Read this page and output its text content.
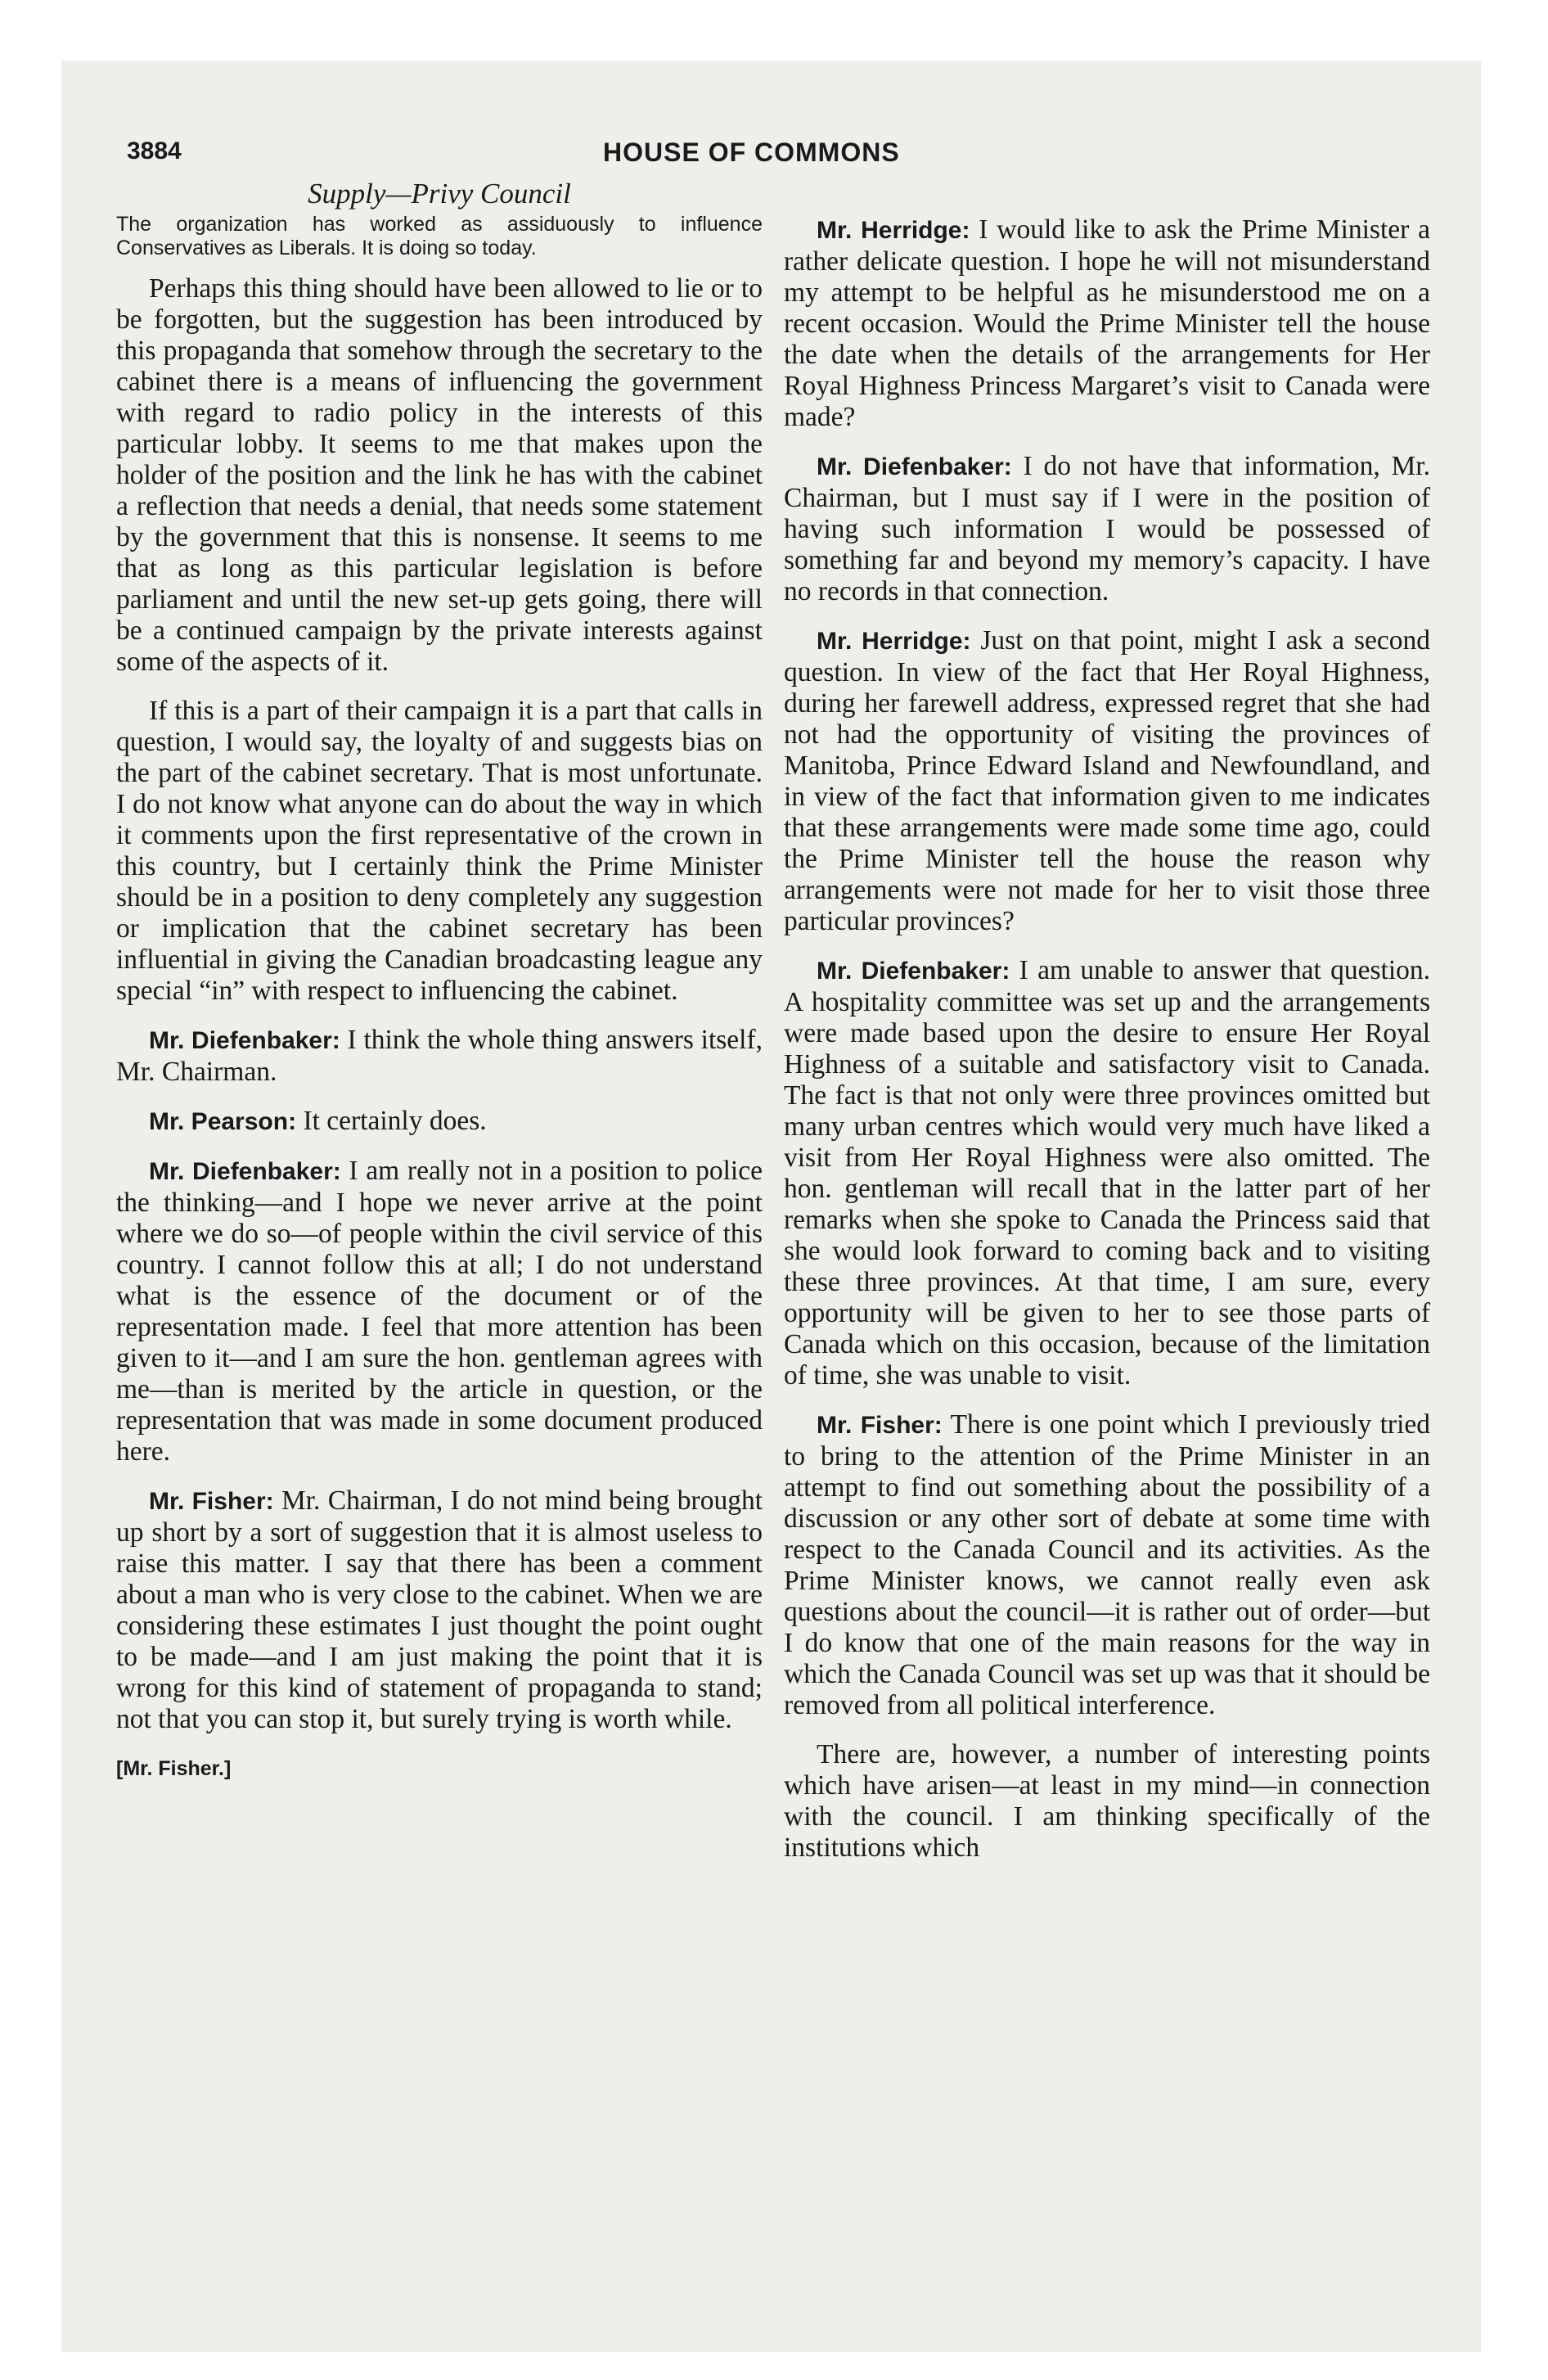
3884	HOUSE OF COMMONS
Supply—Privy Council
The organization has worked as assiduously to influence Conservatives as Liberals. It is doing so today.

Perhaps this thing should have been allowed to lie or to be forgotten, but the suggestion has been introduced by this propaganda that somehow through the secretary to the cabinet there is a means of influencing the government with regard to radio policy in the interests of this particular lobby. It seems to me that makes upon the holder of the position and the link he has with the cabinet a reflection that needs a denial, that needs some statement by the government that this is nonsense. It seems to me that as long as this particular legislation is before parliament and until the new set-up gets going, there will be a continued campaign by the private interests against some of the aspects of it.

If this is a part of their campaign it is a part that calls in question, I would say, the loyalty of and suggests bias on the part of the cabinet secretary. That is most unfortunate. I do not know what anyone can do about the way in which it comments upon the first representative of the crown in this country, but I certainly think the Prime Minister should be in a position to deny completely any suggestion or implication that the cabinet secretary has been influential in giving the Canadian broadcasting league any special “in” with respect to influencing the cabinet.

Mr. Diefenbaker: I think the whole thing answers itself, Mr. Chairman.

Mr. Pearson: It certainly does.

Mr. Diefenbaker: I am really not in a position to police the thinking—and I hope we never arrive at the point where we do so—of people within the civil service of this country. I cannot follow this at all; I do not understand what is the essence of the document or of the representation made. I feel that more attention has been given to it—and I am sure the hon. gentleman agrees with me—than is merited by the article in question, or the representation that was made in some document produced here.

Mr. Fisher: Mr. Chairman, I do not mind being brought up short by a sort of suggestion that it is almost useless to raise this matter. I say that there has been a comment about a man who is very close to the cabinet. When we are considering these estimates I just thought the point ought to be made—and I am just making the point that it is wrong for this kind of statement of propaganda to stand; not that you can stop it, but surely trying is worth while.

[Mr. Fisher.]

Mr. Herridge: I would like to ask the Prime Minister a rather delicate question. I hope he will not misunderstand my attempt to be helpful as he misunderstood me on a recent occasion. Would the Prime Minister tell the house the date when the details of the arrangements for Her Royal Highness Princess Margaret’s visit to Canada were made?

Mr. Diefenbaker: I do not have that information, Mr. Chairman, but I must say if I were in the position of having such information I would be possessed of something far and beyond my memory’s capacity. I have no records in that connection.

Mr. Herridge: Just on that point, might I ask a second question. In view of the fact that Her Royal Highness, during her farewell address, expressed regret that she had not had the opportunity of visiting the provinces of Manitoba, Prince Edward Island and Newfoundland, and in view of the fact that information given to me indicates that these arrangements were made some time ago, could the Prime Minister tell the house the reason why arrangements were not made for her to visit those three particular provinces?

Mr. Diefenbaker: I am unable to answer that question. A hospitality committee was set up and the arrangements were made based upon the desire to ensure Her Royal Highness of a suitable and satisfactory visit to Canada. The fact is that not only were three provinces omitted but many urban centres which would very much have liked a visit from Her Royal Highness were also omitted. The hon. gentleman will recall that in the latter part of her remarks when she spoke to Canada the Princess said that she would look forward to coming back and to visiting these three provinces. At that time, I am sure, every opportunity will be given to her to see those parts of Canada which on this occasion, because of the limitation of time, she was unable to visit.

Mr. Fisher: There is one point which I previously tried to bring to the attention of the Prime Minister in an attempt to find out something about the possibility of a discussion or any other sort of debate at some time with respect to the Canada Council and its activities. As the Prime Minister knows, we cannot really even ask questions about the council—it is rather out of order—but I do know that one of the main reasons for the way in which the Canada Council was set up was that it should be removed from all political interference.

There are, however, a number of interesting points which have arisen—at least in my mind—in connection with the council. I am thinking specifically of the institutions which
